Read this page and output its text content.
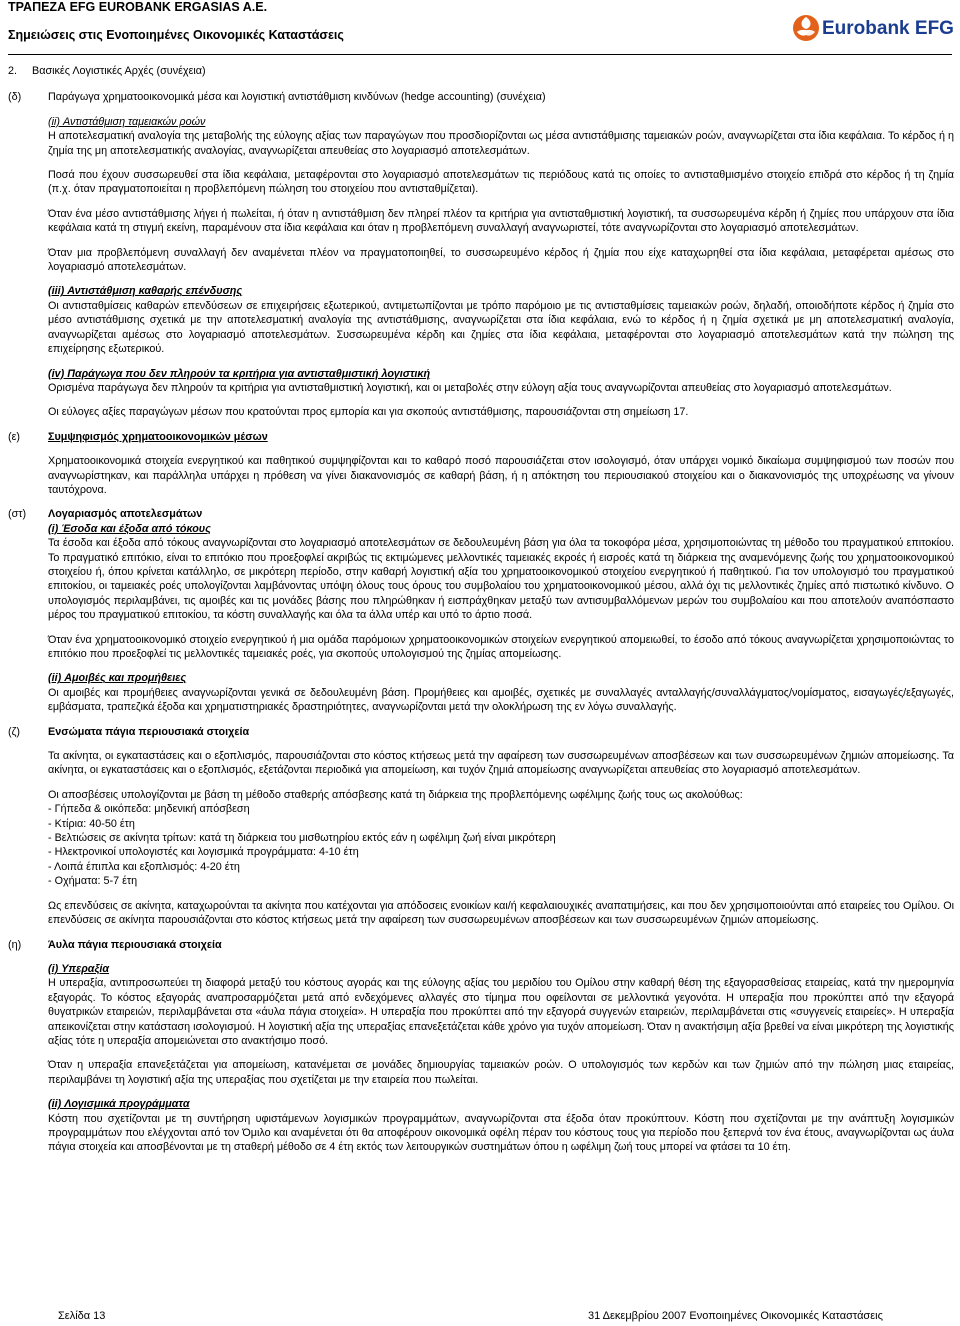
ΤΡΑΠΕΖΑ EFG EUROBANK ERGASIAS A.E.
Σημειώσεις στις Ενοποιημένες Οικονομικές Καταστάσεις	Eurobank EFG
2. Βασικές Λογιστικές Αρχές (συνέχεια)
(δ) Παράγωγα χρηματοοικονομικά μέσα και λογιστική αντιστάθμιση κινδύνων (hedge accounting) (συνέχεια)

(ii) Αντιστάθμιση ταμειακών ροών

Η αποτελεσματική αναλογία της μεταβολής της εύλογης αξίας των παραγώγων που προσδιορίζονται ως μέσα αντιστάθμισης ταμειακών ροών, αναγνωρίζεται στα ίδια κεφάλαια. Το κέρδος ή η ζημία της μη αποτελεσματικής αναλογίας, αναγνωρίζεται απευθείας στο λογαριασμό αποτελεσμάτων.

Ποσά που έχουν συσσωρευθεί στα ίδια κεφάλαια, μεταφέρονται στο λογαριασμό αποτελεσμάτων τις περιόδους κατά τις οποίες το αντισταθμισμένο στοιχείο επιδρά στο κέρδος ή τη ζημία (π.χ. όταν πραγματοποιείται η προβλεπόμενη πώληση του στοιχείου που αντισταθμίζεται).

Όταν ένα μέσο αντιστάθμισης λήγει ή πωλείται, ή όταν η αντιστάθμιση δεν πληρεί πλέον τα κριτήρια για αντισταθμιστική λογιστική, τα συσσωρευμένα κέρδη ή ζημίες που υπάρχουν στα ίδια κεφάλαια κατά τη στιγμή εκείνη, παραμένουν στα ίδια κεφάλαια και όταν η προβλεπόμενη συναλλαγή αναγνωριστεί, τότε αναγνωρίζονται στο λογαριασμό αποτελεσμάτων.

Όταν μια προβλεπόμενη συναλλαγή δεν αναμένεται πλέον να πραγματοποιηθεί, το συσσωρευμένο κέρδος ή ζημία που είχε καταχωρηθεί στα ίδια κεφάλαια, μεταφέρεται αμέσως στο λογαριασμό αποτελεσμάτων.

(iii) Αντιστάθμιση καθαρής επένδυσης

Οι αντισταθμίσεις καθαρών επενδύσεων σε επιχειρήσεις εξωτερικού, αντιμετωπίζονται με τρόπο παρόμοιο με τις αντισταθμίσεις ταμειακών ροών, δηλαδή, οποιοδήποτε κέρδος ή ζημία στο μέσο αντιστάθμισης σχετικά με την αποτελεσματική αναλογία της αντιστάθμισης, αναγνωρίζεται στα ίδια κεφάλαια, ενώ το κέρδος ή η ζημία σχετικά με μη αποτελεσματική αναλογία, αναγνωρίζεται αμέσως στο λογαριασμό αποτελεσμάτων. Συσσωρευμένα κέρδη και ζημίες στα ίδια κεφάλαια, μεταφέρονται στο λογαριασμό αποτελεσμάτων κατά την πώληση της επιχείρησης εξωτερικού.

(iv) Παράγωγα που δεν πληρούν τα κριτήρια για αντισταθμιστική λογιστική

Ορισμένα παράγωγα δεν πληρούν τα κριτήρια για αντισταθμιστική λογιστική, και οι μεταβολές στην εύλογη αξία τους αναγνωρίζονται απευθείας στο λογαριασμό αποτελεσμάτων.

Οι εύλογες αξίες παραγώγων μέσων που κρατούνται προς εμπορία και για σκοπούς αντιστάθμισης, παρουσιάζονται στη σημείωση 17.

(ε)	Συμψηφισμός χρηματοοικονομικών μέσων

Χρηματοοικονομικά στοιχεία ενεργητικού και παθητικού συμψηφίζονται και το καθαρό ποσό παρουσιάζεται στον ισολογισμό, όταν υπάρχει νομικό δικαίωμα συμψηφισμού των ποσών που αναγνωρίστηκαν, και παράλληλα υπάρχει η πρόθεση να γίνει διακανονισμός σε καθαρή βάση, ή η απόκτηση του περιουσιακού στοιχείου και ο διακανονισμός της υποχρέωσης να γίνουν ταυτόχρονα.

(στ) Λογαριασμός αποτελεσμάτων

(i) Έσοδα και έξοδα από τόκους

Τα έσοδα και έξοδα από τόκους αναγνωρίζονται στο λογαριασμό αποτελεσμάτων σε δεδουλευμένη βάση για όλα τα τοκοφόρα μέσα, χρησιμοποιώντας τη μέθοδο του πραγματικού επιτοκίου. Το πραγματικό επιτόκιο, είναι το επιτόκιο που προεξοφλεί ακριβώς τις εκτιμώμενες μελλοντικές ταμειακές εκροές ή εισροές κατά τη διάρκεια της αναμενόμενης ζωής του χρηματοοικονομικού στοιχείου ή, όπου κρίνεται κατάλληλο, σε μικρότερη περίοδο, στην καθαρή λογιστική αξία του χρηματοοικονομικού στοιχείου ενεργητικού ή παθητικού. Για τον υπολογισμό του πραγματικού επιτοκίου, οι ταμειακές ροές υπολογίζονται λαμβάνοντας υπόψη όλους τους όρους του συμβολαίου του χρηματοοικονομικού μέσου, αλλά όχι τις μελλοντικές ζημίες από πιστωτικό κίνδυνο. Ο υπολογισμός περιλαμβάνει, τις αμοιβές και τις μονάδες βάσης που πληρώθηκαν ή εισπράχθηκαν μεταξύ των αντισυμβαλλόμενων μερών του συμβολαίου και που αποτελούν αναπόσπαστο μέρος του πραγματικού επιτοκίου, τα κόστη συναλλαγής και όλα τα άλλα υπέρ και υπό το άρτιο ποσά.

Όταν ένα χρηματοοικονομικό στοιχείο ενεργητικού ή μια ομάδα παρόμοιων χρηματοοικονομικών στοιχείων ενεργητικού απομειωθεί, το έσοδο από τόκους αναγνωρίζεται χρησιμοποιώντας το επιτόκιο που προεξοφλεί τις μελλοντικές ταμειακές ροές, για σκοπούς υπολογισμού της ζημίας απομείωσης.

(ii) Αμοιβές και προμήθειες

Οι αμοιβές και προμήθειες αναγνωρίζονται γενικά σε δεδουλευμένη βάση. Προμήθειες και αμοιβές, σχετικές με συναλλαγές ανταλλαγής/συναλλάγματος/νομίσματος, εισαγωγές/εξαγωγές, εμβάσματα, τραπεζικά έξοδα και χρηματιστηριακές δραστηριότητες, αναγνωρίζονται μετά την ολοκλήρωση της εν λόγω συναλλαγής.

(ζ)	Ενσώματα πάγια περιουσιακά στοιχεία

Τα ακίνητα, οι εγκαταστάσεις και ο εξοπλισμός, παρουσιάζονται στο κόστος κτήσεως μετά την αφαίρεση των συσσωρευμένων αποσβέσεων και των συσσωρευμένων ζημιών απομείωσης. Τα ακίνητα, οι εγκαταστάσεις και ο εξοπλισμός, εξετάζονται περιοδικά για απομείωση, και τυχόν ζημιά απομείωσης αναγνωρίζεται απευθείας στο λογαριασμό αποτελεσμάτων.

Οι αποσβέσεις υπολογίζονται με βάση τη μέθοδο σταθερής απόσβεσης κατά τη διάρκεια της προβλεπόμενης ωφέλιμης ζωής τους ως ακολούθως:

- Γήπεδα & οικόπεδα: μηδενική απόσβεση
- Κτίρια: 40-50 έτη
- Βελτιώσεις σε ακίνητα τρίτων: κατά τη διάρκεια του μισθωτηρίου εκτός εάν η ωφέλιμη ζωή είναι μικρότερη
- Ηλεκτρονικοί υπολογιστές και λογισμικά προγράμματα: 4-10 έτη
- Λοιπά έπιπλα και εξοπλισμός: 4-20 έτη
- Οχήματα: 5-7 έτη

Ως επενδύσεις σε ακίνητα, καταχωρούνται τα ακίνητα που κατέχονται για απόδοσεις ενοικίων και/ή κεφαλαιουχικές αναπατιμήσεις, και που δεν χρησιμοποιούνται από εταιρείες του Ομίλου. Οι επενδύσεις σε ακίνητα παρουσιάζονται στο κόστος κτήσεως μετά την αφαίρεση των συσσωρευμένων αποσβέσεων και των συσσωρευμένων ζημιών απομείωσης.

(η) Άυλα πάγια περιουσιακά στοιχεία

(i) Υπεραξία

Η υπεραξία, αντιπροσωπεύει τη διαφορά μεταξύ του κόστους αγοράς και της εύλογης αξίας του μεριδίου του Ομίλου στην καθαρή θέση της εξαγορασθείσας εταιρείας, κατά την ημερομηνία εξαγοράς. Το κόστος εξαγοράς αναπροσαρμόζεται μετά από ενδεχόμενες αλλαγές στο τίμημα που οφείλονται σε μελλοντικά γεγονότα. Η υπεραξία που προκύπτει από την εξαγορά θυγατρικών εταιρειών, περιλαμβάνεται στα «άυλα πάγια στοιχεία». Η υπεραξία που προκύπτει από την εξαγορά συγγενών εταιρειών, περιλαμβάνεται στις «συγγενείς εταιρείες». Η υπεραξία απεικονίζεται στην κατάσταση ισολογισμού. Η λογιστική αξία της υπεραξίας επανεξετάζεται κάθε χρόνο για τυχόν απομείωση. Όταν η ανακτήσιμη αξία βρεθεί να είναι μικρότερη της λογιστικής αξίας τότε η υπεραξία απομειώνεται στο ανακτήσιμο ποσό.

Όταν η υπεραξία επανεξετάζεται για απομείωση, κατανέμεται σε μονάδες δημιουργίας ταμειακών ροών. Ο υπολογισμός των κερδών και των ζημιών από την πώληση μιας εταιρείας, περιλαμβάνει τη λογιστική αξία της υπεραξίας που σχετίζεται με την εταιρεία που πωλείται.

(ii) Λογισμικά προγράμματα

Κόστη που σχετίζονται με τη συντήρηση υφιστάμενων λογισμικών προγραμμάτων, αναγνωρίζονται στα έξοδα όταν προκύπτουν. Κόστη που σχετίζονται με την ανάπτυξη λογισμικών προγραμμάτων που ελέγχονται από τον Όμιλο και αναμένεται ότι θα αποφέρουν οικονομικά οφέλη πέραν του κόστους τους για περίοδο που ξεπερνά τον ένα έτους, αναγνωρίζονται ως άυλα πάγια στοιχεία και αποσβένονται με τη σταθερή μέθοδο σε 4 έτη εκτός των λειτουργικών συστημάτων όπου η ωφέλιμη ζωή τους μπορεί να φτάσει τα 10 έτη.

Σελίδα 13	31 Δεκεμβρίου 2007 Ενοποιημένες Οικονομικές Καταστάσεις
